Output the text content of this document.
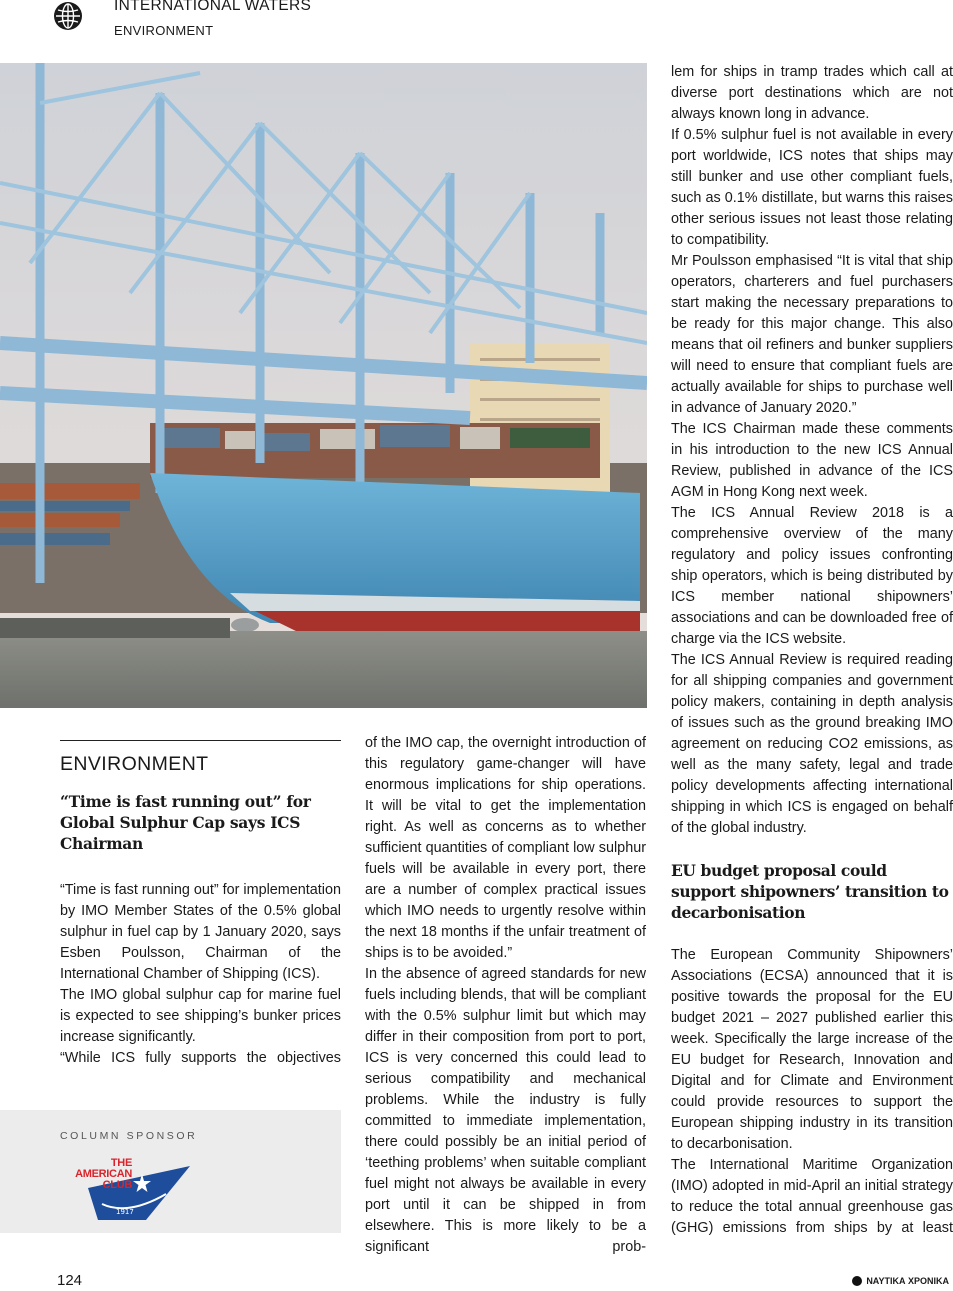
INTERNATIONAL WATERS
ENVIRONMENT
ENVIRONMENT
“Time is fast running out” for Global Sulphur Cap says ICS Chairman

“Time is fast running out” for implementation by IMO Member States of the 0.5% global sulphur in fuel cap by 1 January 2020, says Esben Poulsson, Chairman of the International Chamber of Shipping (ICS).

The IMO global sulphur cap for marine fuel is expected to see shipping’s bunker prices increase significantly.

“While ICS fully supports the objectives

COLUMN SPONSOR
1917
THE
AMERICAN
CLUB

of the IMO cap, the overnight introduction of this regulatory game-changer will have enormous implications for ship operations. It will be vital to get the implementation right. As well as concerns as to whether sufficient quantities of compliant low sulphur fuels will be available in every port, there are a number of complex practical issues which IMO needs to urgently resolve within the next 18 months if the unfair treatment of ships is to be avoided.”

In the absence of agreed standards for new fuels including blends, that will be compliant with the 0.5% sulphur limit but which may differ in their composition from port to port, ICS is very concerned this could lead to serious compatibility and mechanical problems. While the industry is fully committed to immediate implementation, there could possibly be an initial period of ‘teething problems’ when suitable compliant fuel might not always be available in every port until it can be shipped in from elsewhere. This is more likely to be a significant prob-

lem for ships in tramp trades which call at diverse port destinations which are not always known long in advance.

If 0.5% sulphur fuel is not available in every port worldwide, ICS notes that ships may still bunker and use other compliant fuels, such as 0.1% distillate, but warns this raises other serious issues not least those relating to compatibility.

Mr Poulsson emphasised “It is vital that ship operators, charterers and fuel purchasers start making the necessary preparations to be ready for this major change. This also means that oil refiners and bunker suppliers will need to ensure that compliant fuels are actually available for ships to purchase well in advance of January 2020.”

The ICS Chairman made these comments in his introduction to the new ICS Annual Review, published in advance of the ICS AGM in Hong Kong next week.

The ICS Annual Review 2018 is a comprehensive overview of the many regulatory and policy issues confronting ship operators, which is being distributed by ICS member national shipowners’ associations and can be downloaded free of charge via the ICS website.

The ICS Annual Review is required reading for all shipping companies and government policy makers, containing in depth analysis of issues such as the ground breaking IMO agreement on reducing CO2 emissions, as well as the many safety, legal and trade policy developments affecting international shipping in which ICS is engaged on behalf of the global industry.

EU budget proposal could support shipowners’ transition to decarbonisation

The European Community Shipowners’ Associations (ECSA) announced that it is positive towards the proposal for the EU budget 2021 – 2027 published earlier this week. Specifically the large increase of the EU budget for Research, Innovation and Digital and for Climate and Environment could provide resources to support the European shipping industry in its transition to decarbonisation.

The International Maritime Organization (IMO) adopted in mid-April an initial strategy to reduce the total annual greenhouse gas (GHG) emissions from ships by at least

124	ΝΑΥΤΙΚΑ ΧΡΟΝΙΚΑ
